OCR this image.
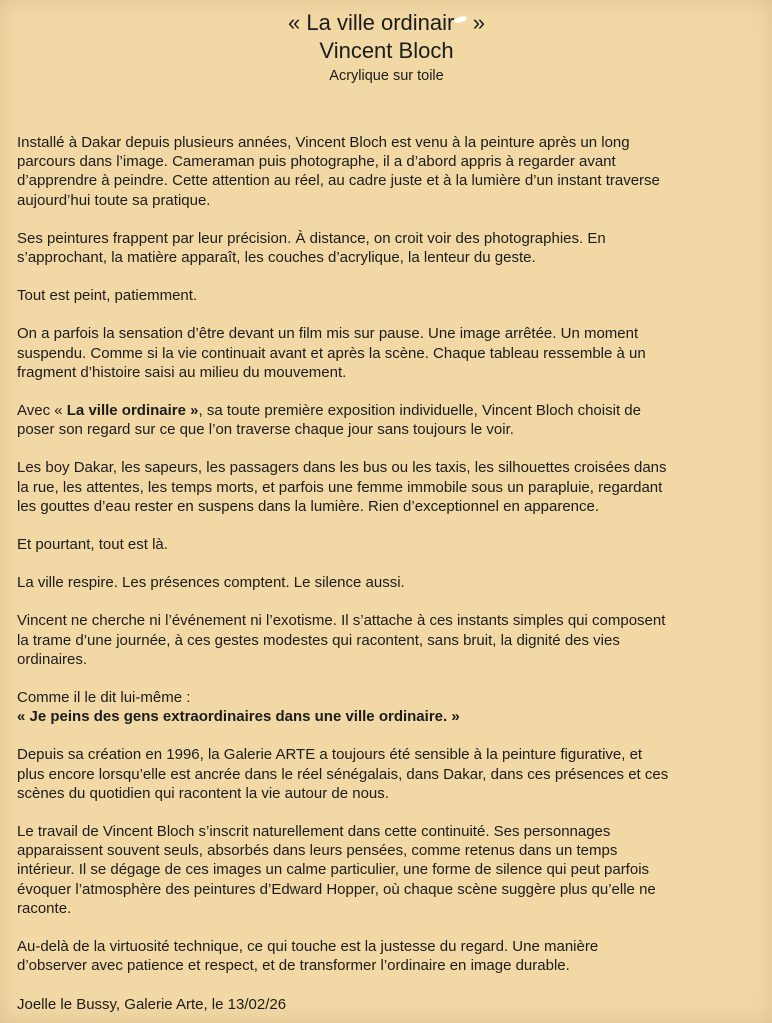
« La ville ordinair
»
Vincent Bloch
Acrylique sur toile

Installé à Dakar depuis plusieurs années, Vincent Bloch est venu à la peinture après un long
parcours dans l’image. Cameraman puis photographe, il a d’abord appris à regarder avant
d’apprendre à peindre. Cette attention au réel, au cadre juste et à la lumière d’un instant traverse
aujourd’hui toute sa pratique.

Ses peintures frappent par leur précision. À distance, on croit voir des photographies. En
s’approchant, la matière apparaît, les couches d’acrylique, la lenteur du geste.

Tout est peint, patiemment.

On a parfois la sensation d’être devant un film mis sur pause. Une image arrêtée. Un moment
suspendu. Comme si la vie continuait avant et après la scène. Chaque tableau ressemble à un
fragment d’histoire saisi au milieu du mouvement.

Avec « La ville ordinaire », sa toute première exposition individuelle, Vincent Bloch choisit de
poser son regard sur ce que l’on traverse chaque jour sans toujours le voir.

Les boy Dakar, les sapeurs, les passagers dans les bus ou les taxis, les silhouettes croisées dans
la rue, les attentes, les temps morts, et parfois une femme immobile sous un parapluie, regardant
les gouttes d’eau rester en suspens dans la lumière. Rien d’exceptionnel en apparence.

Et pourtant, tout est là.

La ville respire. Les présences comptent. Le silence aussi.

Vincent ne cherche ni l’événement ni l’exotisme. Il s’attache à ces instants simples qui composent
la trame d’une journée, à ces gestes modestes qui racontent, sans bruit, la dignité des vies
ordinaires.

Comme il le dit lui-même :
« Je peins des gens extraordinaires dans une ville ordinaire. »

Depuis sa création en 1996, la Galerie ARTE a toujours été sensible à la peinture figurative, et
plus encore lorsqu’elle est ancrée dans le réel sénégalais, dans Dakar, dans ces présences et ces
scènes du quotidien qui racontent la vie autour de nous.

Le travail de Vincent Bloch s’inscrit naturellement dans cette continuité. Ses personnages
apparaissent souvent seuls, absorbés dans leurs pensées, comme retenus dans un temps
intérieur. Il se dégage de ces images un calme particulier, une forme de silence qui peut parfois
évoquer l’atmosphère des peintures d’Edward Hopper, où chaque scène suggère plus qu’elle ne
raconte.

Au-delà de la virtuosité technique, ce qui touche est la justesse du regard. Une manière
d’observer avec patience et respect, et de transformer l’ordinaire en image durable.

Joelle le Bussy, Galerie Arte, le 13/02/26
